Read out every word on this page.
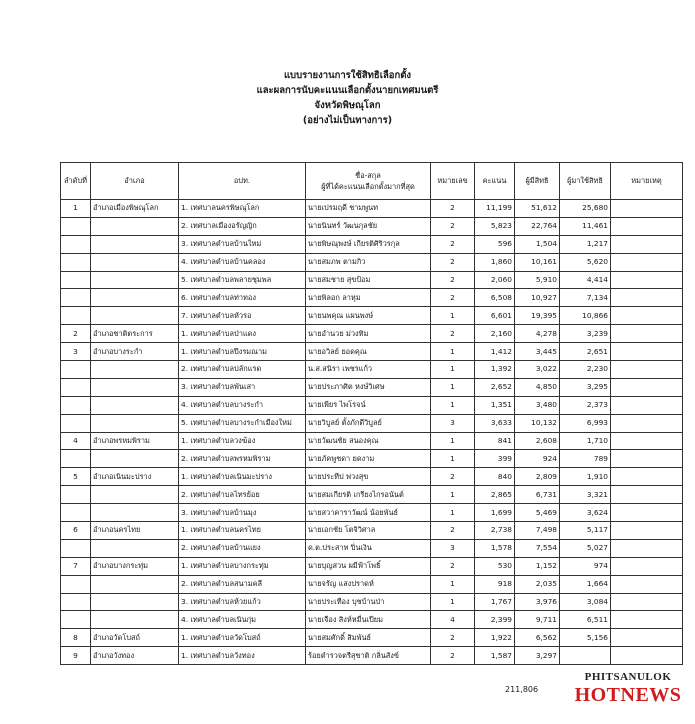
แบบรายงานการใช้สิทธิเลือกตั้ง
และผลการนับคะแนนเลือกตั้งนายกเทศมนตรี
จังหวัดพิษณุโลก
(อย่างไม่เป็นทางการ)
ลำดับที่	อำเภอ	อปท.	ชื่อ-สกุล
ผู้ที่ได้คะแนนเลือกตั้งมากที่สุด	หมายเลข	คะแนน	ผู้มีสิทธิ	ผู้มาใช้สิทธิ	หมายเหตุ
1	อำเภอเมืองพิษณุโลก	1. เทศบาลนครพิษณุโลก	นายเปรมฤดี ชามพูนท	2	11,199	51,612	25,680	
		2. เทศบาลเมืองอรัญญิก	นายนินทร์ วัฒนกุลชัย	2	5,823	22,764	11,461	
		3. เทศบาลตำบลบ้านใหม่	นายพิษณุพงษ์ เกียรติศิริวรกุล	2	596	1,504	1,217	
		4. เทศบาลตำบลบ้านคลอง	นายสมภพ ตามกิว	2	1,860	10,161	5,620	
		5. เทศบาลตำบลพลายชุมพล	นายสมชาย สุขป้อม	2	2,060	5,910	4,414	
		6. เทศบาลตำบลท่าทอง	นายพิลอก ลาหุม	2	6,508	10,927	7,134	
		7. เทศบาลตำบลหัวรอ	นายนพคุณ แผนพงษ์	1	6,601	19,395	10,866	
2	อำเภอชาติตระการ	1. เทศบาลตำบลป่าแดง	นายอำนวย ม่วงทิม	2	2,160	4,278	3,239	
3	อำเภอบางระกำ	1. เทศบาลตำบลปึงรมณาม	นายอวิลย์ ยอดคุณ	1	1,412	3,445	2,651	
		2. เทศบาลตำบลปลักแรด	น.ส.สนิรา เพชรแก้ว	1	1,392	3,022	2,230	
		3. เทศบาลตำบลพันเสา	นายประภาศิต หงษ์วิเศษ	1	2,652	4,850	3,295	
		4. เทศบาลตำบลบางระกำ	นายเพียร ไพโรจน์	1	1,351	3,480	2,373	
		5. เทศบาลตำบลบางระกำเมืองใหม่	นายวิบูลย์ ตั้งภักดีวิบูลย์	3	3,633	10,132	6,993	
4	อำเภอพรหมพิราม	1. เทศบาลตำบลวงฆ้อง	นายวัฒนชัย สนองคุณ	1	841	2,608	1,710	
		2. เทศบาลตำบลพรหมพิราม	นายภัคพูชดา ยดงาม	1	399	924	789	
5	อำเภอเนินมะปราง	1. เทศบาลตำบลเนินมะปราง	นายประทีป พ่วงสุข	2	840	2,809	1,910	
		2. เทศบาลตำบลไทรย้อย	นายสมเกียรติ เกรียงไกรอนันต์	1	2,865	6,731	3,321	
		3. เทศบาลตำบลบ้านมุง	นายสวาคาราวัฒน์ น้อยพันธ์	1	1,699	5,469	3,624	
6	อำเภอนครไทย	1. เทศบาลตำบลนครไทย	นายเอกชัย โตจิวิศาล	2	2,738	7,498	5,117	
		2. เทศบาลตำบลบ้านแยง	ด.ต.ประสาท ปิ่นเงิน	3	1,578	7,554	5,027	
7	อำเภอบางกระทุ่ม	1. เทศบาลตำบลบางกระทุ่ม	นายบุญสวน ผมีฟ้าโพธิ์	2	530	1,152	974	
		2. เทศบาลตำบลสนามคลี	นายจรัญ แสงปราดห์	1	918	2,035	1,664	
		3. เทศบาลตำบลห้วยแก้ว	นายประเทือง บุชบ้านป่า	1	1,767	3,976	3,084	
		4. เทศบาลตำบลเนินกุ่ม	นายเจือง สิงห์หมื่นเปียม	4	2,399	9,711	6,511	
8	อำเภอวัดโบสถ์	1. เทศบาลตำบลวัดโบสถ์	นายสมศักดิ์ สิมพันธ์	2	1,922	6,562	5,156	
9	อำเภอวังทอง	1. เทศบาลตำบลวังทอง	ร้อยตำรวจตรีสุชาติ กลิ่นสังข์	2	1,587	3,297		
211,806
PHITSANULOK
HOTNEWS
